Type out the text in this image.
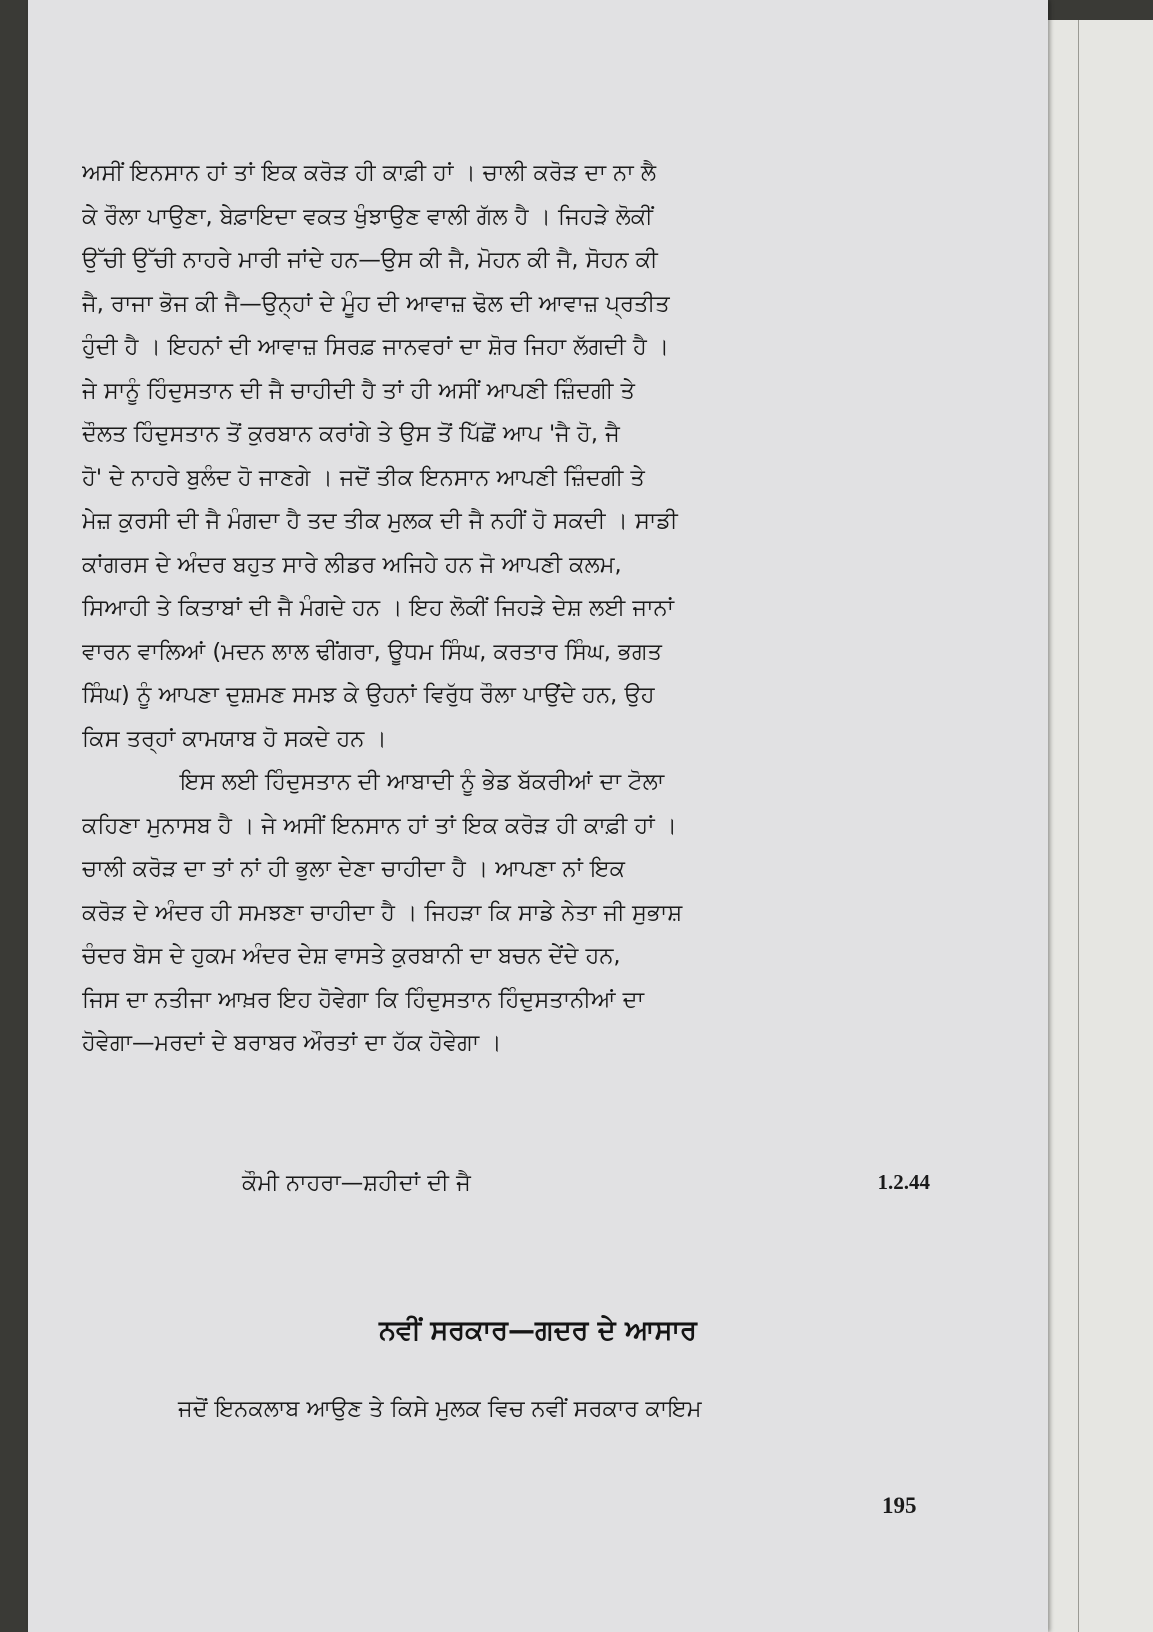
ਅਸੀਂ ਇਨਸਾਨ ਹਾਂ ਤਾਂ ਇਕ ਕਰੋੜ ਹੀ ਕਾਫ਼ੀ ਹਾਂ । ਚਾਲੀ ਕਰੋੜ ਦਾ ਨਾ ਲੈ
ਕੇ ਰੌਲਾ ਪਾਉਣਾ, ਬੇਫ਼ਾਇਦਾ ਵਕਤ ਖੁੰਝਾਉਣ ਵਾਲੀ ਗੱਲ ਹੈ । ਜਿਹੜੇ ਲੋਕੀਂ
ਉੱਚੀ ਉੱਚੀ ਨਾਹਰੇ ਮਾਰੀ ਜਾਂਦੇ ਹਨ—ਉਸ ਕੀ ਜੈ, ਮੋਹਨ ਕੀ ਜੈ, ਸੋਹਨ ਕੀ
ਜੈ, ਰਾਜਾ ਭੋਜ ਕੀ ਜੈ—ਉਨ੍ਹਾਂ ਦੇ ਮੂੰਹ ਦੀ ਆਵਾਜ਼ ਢੋਲ ਦੀ ਆਵਾਜ਼ ਪ੍ਰਤੀਤ
ਹੁੰਦੀ ਹੈ । ਇਹਨਾਂ ਦੀ ਆਵਾਜ਼ ਸਿਰਫ਼ ਜਾਨਵਰਾਂ ਦਾ ਸ਼ੋਰ ਜਿਹਾ ਲੱਗਦੀ ਹੈ ।
ਜੇ ਸਾਨੂੰ ਹਿੰਦੁਸਤਾਨ ਦੀ ਜੈ ਚਾਹੀਦੀ ਹੈ ਤਾਂ ਹੀ ਅਸੀਂ ਆਪਣੀ ਜ਼ਿੰਦਗੀ ਤੇ
ਦੌਲਤ ਹਿੰਦੁਸਤਾਨ ਤੋਂ ਕੁਰਬਾਨ ਕਰਾਂਗੇ ਤੇ ਉਸ ਤੋਂ ਪਿੱਛੋਂ ਆਪ 'ਜੈ ਹੋ, ਜੈ
ਹੋ' ਦੇ ਨਾਹਰੇ ਬੁਲੰਦ ਹੋ ਜਾਣਗੇ । ਜਦੋਂ ਤੀਕ ਇਨਸਾਨ ਆਪਣੀ ਜ਼ਿੰਦਗੀ ਤੇ
ਮੇਜ਼ ਕੁਰਸੀ ਦੀ ਜੈ ਮੰਗਦਾ ਹੈ ਤਦ ਤੀਕ ਮੁਲਕ ਦੀ ਜੈ ਨਹੀਂ ਹੋ ਸਕਦੀ । ਸਾਡੀ
ਕਾਂਗਰਸ ਦੇ ਅੰਦਰ ਬਹੁਤ ਸਾਰੇ ਲੀਡਰ ਅਜਿਹੇ ਹਨ ਜੋ ਆਪਣੀ ਕਲਮ,
ਸਿਆਹੀ ਤੇ ਕਿਤਾਬਾਂ ਦੀ ਜੈ ਮੰਗਦੇ ਹਨ । ਇਹ ਲੋਕੀਂ ਜਿਹੜੇ ਦੇਸ਼ ਲਈ ਜਾਨਾਂ
ਵਾਰਨ ਵਾਲਿਆਂ (ਮਦਨ ਲਾਲ ਢੀਂਗਰਾ, ਊਧਮ ਸਿੰਘ, ਕਰਤਾਰ ਸਿੰਘ, ਭਗਤ
ਸਿੰਘ) ਨੂੰ ਆਪਣਾ ਦੁਸ਼ਮਣ ਸਮਝ ਕੇ ਉਹਨਾਂ ਵਿਰੁੱਧ ਰੌਲਾ ਪਾਉਂਦੇ ਹਨ, ਉਹ
ਕਿਸ ਤਰ੍ਹਾਂ ਕਾਮਯਾਬ ਹੋ ਸਕਦੇ ਹਨ ।
ਇਸ ਲਈ ਹਿੰਦੁਸਤਾਨ ਦੀ ਆਬਾਦੀ ਨੂੰ ਭੇਡ ਬੱਕਰੀਆਂ ਦਾ ਟੋਲਾ
ਕਹਿਣਾ ਮੁਨਾਸਬ ਹੈ । ਜੇ ਅਸੀਂ ਇਨਸਾਨ ਹਾਂ ਤਾਂ ਇਕ ਕਰੋੜ ਹੀ ਕਾਫ਼ੀ ਹਾਂ ।
ਚਾਲੀ ਕਰੋੜ ਦਾ ਤਾਂ ਨਾਂ ਹੀ ਭੁਲਾ ਦੇਣਾ ਚਾਹੀਦਾ ਹੈ । ਆਪਣਾ ਨਾਂ ਇਕ
ਕਰੋੜ ਦੇ ਅੰਦਰ ਹੀ ਸਮਝਣਾ ਚਾਹੀਦਾ ਹੈ । ਜਿਹੜਾ ਕਿ ਸਾਡੇ ਨੇਤਾ ਜੀ ਸੁਭਾਸ਼
ਚੰਦਰ ਬੋਸ ਦੇ ਹੁਕਮ ਅੰਦਰ ਦੇਸ਼ ਵਾਸਤੇ ਕੁਰਬਾਨੀ ਦਾ ਬਚਨ ਦੇਂਦੇ ਹਨ,
ਜਿਸ ਦਾ ਨਤੀਜਾ ਆਖ਼ਰ ਇਹ ਹੋਵੇਗਾ ਕਿ ਹਿੰਦੁਸਤਾਨ ਹਿੰਦੁਸਤਾਨੀਆਂ ਦਾ
ਹੋਵੇਗਾ—ਮਰਦਾਂ ਦੇ ਬਰਾਬਰ ਔਰਤਾਂ ਦਾ ਹੱਕ ਹੋਵੇਗਾ ।
ਕੌਮੀ ਨਾਹਰਾ—ਸ਼ਹੀਦਾਂ ਦੀ ਜੈ	1.2.44
ਨਵੀਂ ਸਰਕਾਰ—ਗਦਰ ਦੇ ਆਸਾਰ
ਜਦੋਂ ਇਨਕਲਾਬ ਆਉਣ ਤੇ ਕਿਸੇ ਮੁਲਕ ਵਿਚ ਨਵੀਂ ਸਰਕਾਰ ਕਾਇਮ
195
